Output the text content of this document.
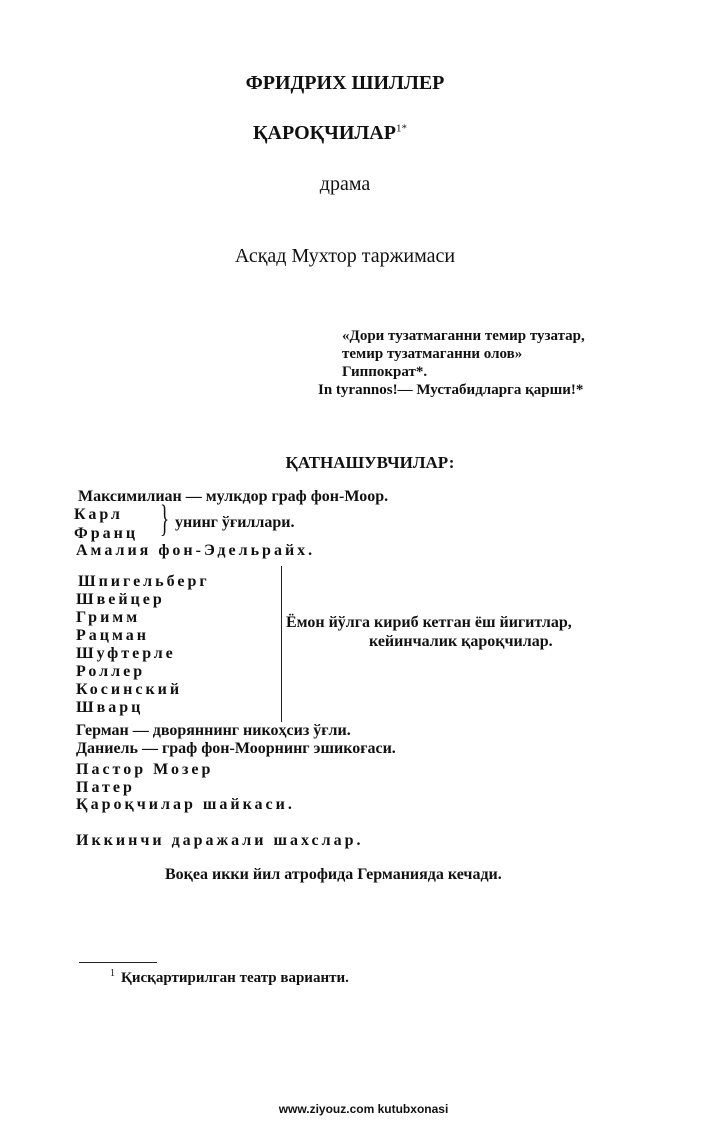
ФРИДРИХ ШИЛЛЕР
$ҚАРОҚЧИЛАР^{1*}$
драма
Асқад Мухтор таржимаси
«Дори тузатмаганни темир тузатар,
темир тузатмаганни олов»
Гиппократ*.
In tyrannos!— Мустабидларга қарши!*
ҚАТНАШУВЧИЛАР:
Максимилиан — мулкдор граф фон-Моор.
Карл
Франц } унинг ўғиллари.
Амалия фон-Эдельрайх.
Шпигельберг
Швейцер
Гримм
Рацман
Шуфтерле
Роллер
Косинский
Шварц
Ёмон йўлга кириб кетган ёш йигитлар,
кейинчалик қароқчилар.
Герман — дворяннинг никоҳсиз ўғли.
Даниель — граф фон-Моорнинг эшикоғаси.
Пастор Мозер
Патер
Қароқчилар шайкаси.
Иккинчи даражали шахслар.
Воқеа икки йил атрофида Германияда кечади.
$^1$ Қисқартирилган театр варианти.
www.ziyouz.com kutubxonasi
